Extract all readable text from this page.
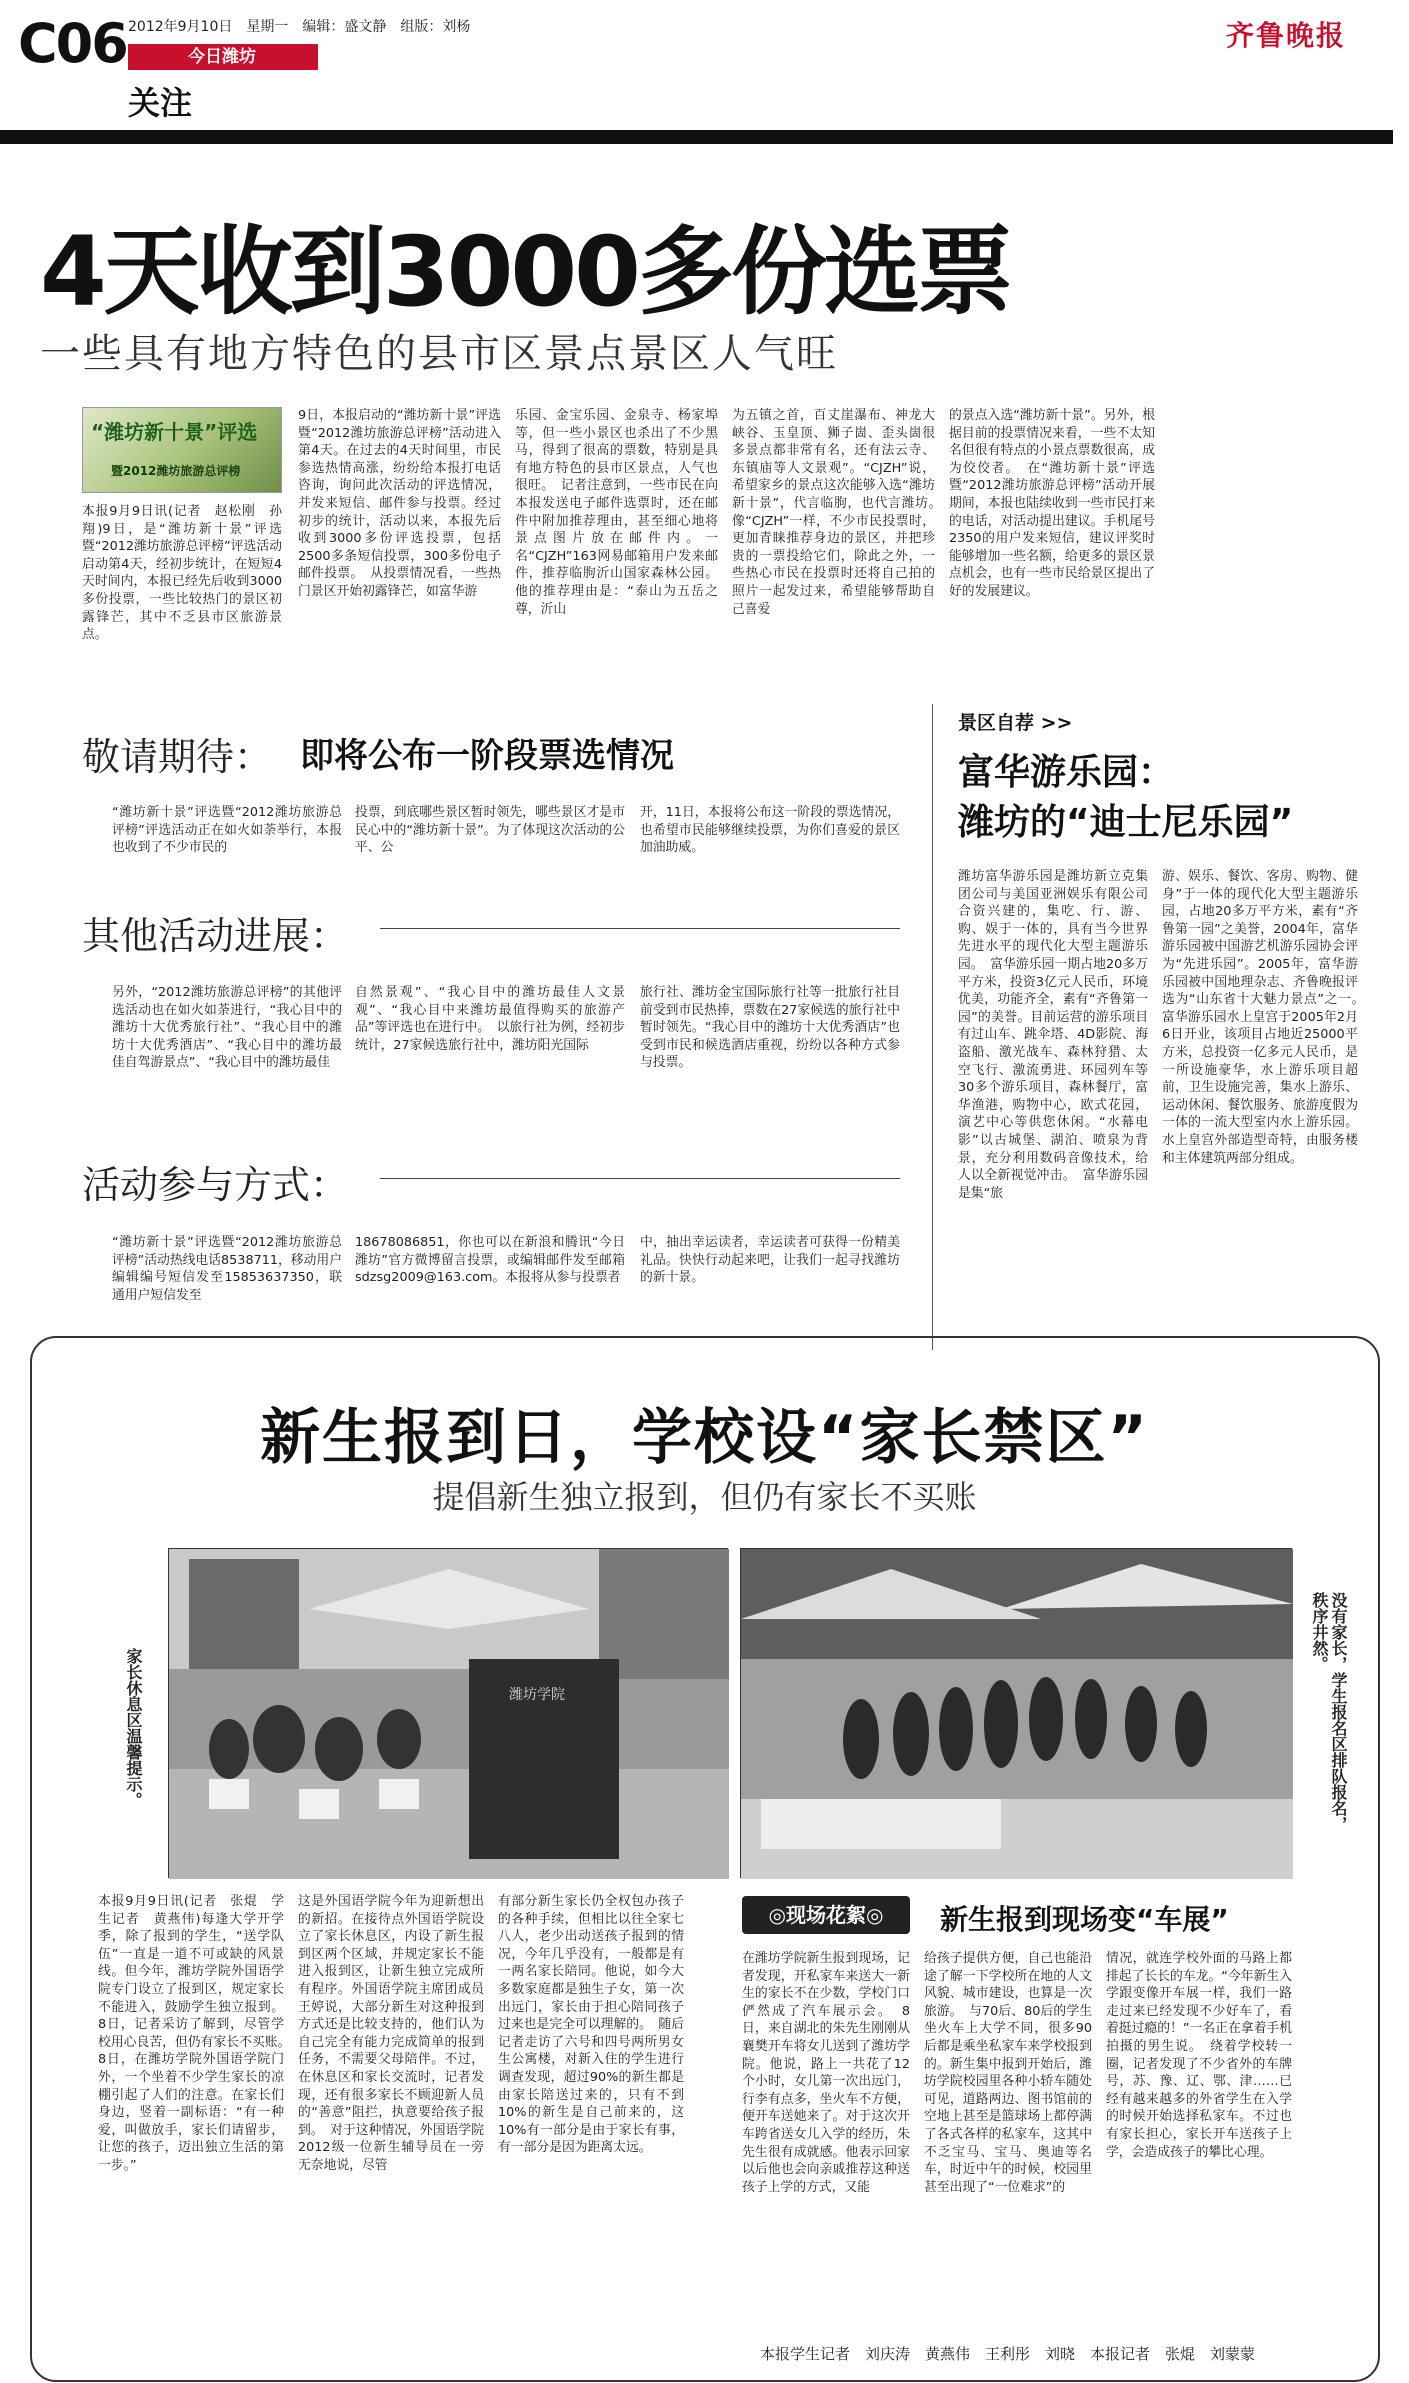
C06 2012年9月10日　星期一　编辑：盛文静　组版：刘杨
今日潍坊
关注
齐鲁晚报
4天收到3000多份选票
一些具有地方特色的县市区景点景区人气旺
“潍坊新十景”评选
暨2012潍坊旅游总评榜
本报9月9日讯(记者　赵松刚　孙翔)9日，是“潍坊新十景”评选暨“2012潍坊旅游总评榜”评选活动启动第4天，经初步统计，在短短4天时间内，本报已经先后收到3000多份投票，一些比较热门的景区初露锋芒，其中不乏县市区旅游景点。
9日，本报启动的“潍坊新十景”评选暨“2012潍坊旅游总评榜”活动进入第4天。在过去的4天时间里，市民参选热情高涨，纷纷给本报打电话咨询，询问此次活动的评选情况，并发来短信、邮件参与投票。经过初步的统计，活动以来，本报先后收到3000多份评选投票，包括2500多条短信投票，300多份电子邮件投票。　从投票情况看，一些热门景区开始初露锋芒，如富华游
乐园、金宝乐园、金泉寺、杨家埠等，但一些小景区也杀出了不少黑马，得到了很高的票数，特别是具有地方特色的县市区景点，人气也很旺。　记者注意到，一些市民在向本报发送电子邮件选票时，还在邮件中附加推荐理由，甚至细心地将景点图片放在邮件内。一名“CJZH”163网易邮箱用户发来邮件，推荐临朐沂山国家森林公园。他的推荐理由是：“泰山为五岳之尊，沂山
为五镇之首，百丈崖瀑布、神龙大峡谷、玉皇顶、狮子崮、歪头崮很多景点都非常有名，还有法云寺、东镇庙等人文景观”。“CJZH”说，希望家乡的景点这次能够入选“潍坊新十景”，代言临朐，也代言潍坊。　像“CJZH”一样，不少市民投票时，更加青睐推荐身边的景区，并把珍贵的一票投给它们，除此之外，一些热心市民在投票时还将自己拍的照片一起发过来，希望能够帮助自己喜爱
的景点入选“潍坊新十景”。另外，根据目前的投票情况来看，一些不太知名但很有特点的小景点票数很高，成为佼佼者。　在“潍坊新十景”评选暨“2012潍坊旅游总评榜”活动开展期间，本报也陆续收到一些市民打来的电话，对活动提出建议。手机尾号2350的用户发来短信，建议评奖时能够增加一些名额，给更多的景区景点机会，也有一些市民给景区提出了好的发展建议。
敬请期待： 即将公布一阶段票选情况
“潍坊新十景”评选暨“2012潍坊旅游总评榜”评选活动正在如火如荼举行，本报也收到了不少市民的
投票，到底哪些景区暂时领先，哪些景区才是市民心中的“潍坊新十景”。为了体现这次活动的公平、公
开，11日，本报将公布这一阶段的票选情况，也希望市民能够继续投票，为你们喜爱的景区加油助威。
其他活动进展：
另外，“2012潍坊旅游总评榜”的其他评选活动也在如火如荼进行，“我心目中的潍坊十大优秀旅行社”、“我心目中的潍坊十大优秀酒店”、“我心目中的潍坊最佳自驾游景点”、“我心目中的潍坊最佳
自然景观”、“我心目中的潍坊最佳人文景观”、“我心目中来潍坊最值得购买的旅游产品”等评选也在进行中。　以旅行社为例，经初步统计，27家候选旅行社中，潍坊阳光国际
旅行社、潍坊金宝国际旅行社等一批旅行社目前受到市民热捧，票数在27家候选的旅行社中暂时领先。“我心目中的潍坊十大优秀酒店”也受到市民和候选酒店重视，纷纷以各种方式参与投票。
活动参与方式：
“潍坊新十景”评选暨“2012潍坊旅游总评榜”活动热线电话8538711，移动用户编辑编号短信发至15853637350，联通用户短信发至
18678086851，你也可以在新浪和腾讯“今日潍坊”官方微博留言投票，或编辑邮件发至邮箱sdzsg2009@163.com。本报将从参与投票者
中，抽出幸运读者，幸运读者可获得一份精美礼品。快快行动起来吧，让我们一起寻找潍坊的新十景。
景区自荐 >>
富华游乐园：
潍坊的“迪士尼乐园”
潍坊富华游乐园是潍坊新立克集团公司与美国亚洲娱乐有限公司合资兴建的，集吃、行、游、购、娱于一体的，具有当今世界先进水平的现代化大型主题游乐园。　富华游乐园一期占地20多万平方米，投资3亿元人民币，环境优美，功能齐全，素有“齐鲁第一园”的美誉。目前运营的游乐项目有过山车、跳伞塔、4D影院、海盗船、激光战车、森林狩猎、太空飞行、激流勇进、环园列车等30多个游乐项目，森林餐厅，富华渔港，购物中心，欧式花园，演艺中心等供您休闲。“水幕电影”以古城堡、湖泊、喷泉为背景，充分利用数码音像技术，给人以全新视觉冲击。　富华游乐园是集“旅
游、娱乐、餐饮、客房、购物、健身”于一体的现代化大型主题游乐园，占地20多万平方米，素有“齐鲁第一园”之美誉，2004年，富华游乐园被中国游艺机游乐园协会评为“先进乐园”。2005年，富华游乐园被中国地理杂志、齐鲁晚报评选为“山东省十大魅力景点”之一。　富华游乐园水上皇宫于2005年2月6日开业，该项目占地近25000平方米，总投资一亿多元人民币，是一所设施豪华，水上游乐项目超前，卫生设施完善，集水上游乐、运动休闲、餐饮服务、旅游度假为一体的一流大型室内水上游乐园。水上皇宫外部造型奇特，由服务楼和主体建筑两部分组成。
新生报到日，学校设“家长禁区”
提倡新生独立报到，但仍有家长不买账
家长休息区温馨提示。	潍坊学院	没有家长，学生报名区排队报名，秩序井然。
本报9月9日讯(记者　张焜　学生记者　黄燕伟)每逢大学开学季，除了报到的学生，“送学队伍”一直是一道不可或缺的风景线。但今年，潍坊学院外国语学院专门设立了报到区，规定家长不能进入，鼓励学生独立报到。8日，记者采访了解到，尽管学校用心良苦，但仍有家长不买账。　8日，在潍坊学院外国语学院门外，一个坐着不少学生家长的凉棚引起了人们的注意。在家长们身边，竖着一副标语：“有一种爱，叫做放手，家长们请留步，让您的孩子，迈出独立生活的第一步。”
这是外国语学院今年为迎新想出的新招。在接待点外国语学院设立了家长休息区，内设了新生报到区两个区域，并规定家长不能进入报到区，让新生独立完成所有程序。外国语学院主席团成员王婷说，大部分新生对这种报到方式还是比较支持的，他们认为自己完全有能力完成简单的报到任务，不需要父母陪伴。不过，在休息区和家长交流时，记者发现，还有很多家长不顾迎新人员的“善意”阻拦，执意要给孩子报到。　对于这种情况，外国语学院2012级一位新生辅导员在一旁无奈地说，尽管
有部分新生家长仍全权包办孩子的各种手续，但相比以往全家七八人，老少出动送孩子报到的情况，今年几乎没有，一般都是有一两名家长陪同。他说，如今大多数家庭都是独生子女，第一次出远门，家长由于担心陪同孩子过来也是完全可以理解的。　随后记者走访了六号和四号两所男女生公寓楼，对新入住的学生进行调查发现，超过90%的新生都是由家长陪送过来的，只有不到10%的新生是自己前来的，这10%有一部分是由于家长有事，有一部分是因为距离太远。
◎现场花絮◎	新生报到现场变“车展”
在潍坊学院新生报到现场，记者发现，开私家车来送大一新生的家长不在少数，学校门口俨然成了汽车展示会。　8日，来自湖北的朱先生刚刚从襄樊开车将女儿送到了潍坊学院。他说，路上一共花了12个小时，女儿第一次出远门，行李有点多，坐火车不方便，便开车送她来了。对于这次开车跨省送女儿入学的经历，朱先生很有成就感。他表示回家以后他也会向亲戚推荐这种送孩子上学的方式，又能
给孩子提供方便，自己也能沿途了解一下学校所在地的人文风貌、城市建设，也算是一次旅游。　与70后、80后的学生坐火车上大学不同，很多90后都是乘坐私家车来学校报到的。新生集中报到开始后，潍坊学院校园里各种小轿车随处可见，道路两边、图书馆前的空地上甚至是篮球场上都停满了各式各样的私家车，这其中不乏宝马、宝马、奥迪等名车，时近中午的时候，校园里甚至出现了“一位难求”的
情况，就连学校外面的马路上都排起了长长的车龙。“今年新生入学跟变像开车展一样，我们一路走过来已经发现不少好车了，看着挺过瘾的！”一名正在拿着手机拍摄的男生说。　绕着学校转一圈，记者发现了不少省外的车牌号，苏、豫、辽、鄂、津……已经有越来越多的外省学生在入学的时候开始选择私家车。不过也有家长担心，家长开车送孩子上学，会造成孩子的攀比心理。
本报学生记者　刘庆涛　黄燕伟　王利彤　刘晓　本报记者　张焜　刘蒙蒙
